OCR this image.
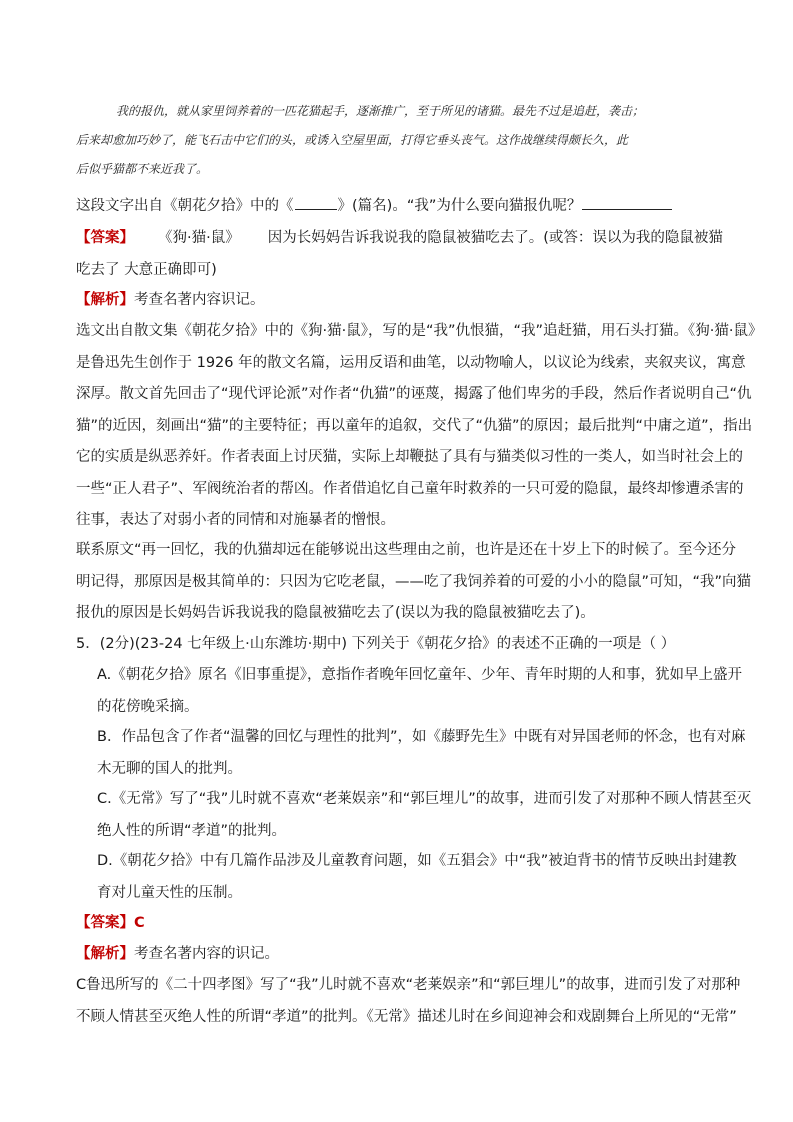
我的报仇，就从家里饲养着的一匹花猫起手，逐渐推广，至于所见的诸猫。最先不过是追赶，袭击；
后来却愈加巧妙了，能飞石击中它们的头，或诱入空屋里面，打得它垂头丧气。这作战继续得颇长久，此
后似乎猫都不来近我了。
这段文字出自《朝花夕拾》中的《	》(篇名)。“我”为什么要向猫报仇呢？
【答案】 《狗·猫·鼠》 因为长妈妈告诉我说我的隐鼠被猫吃去了。(或答：误以为我的隐鼠被猫
吃去了 大意正确即可)
【解析】考查名著内容识记。
选文出自散文集《朝花夕拾》中的《狗·猫·鼠》，写的是“我”仇恨猫，“我”追赶猫，用石头打猫。《狗·猫·鼠》
是鲁迅先生创作于 1926 年的散文名篇，运用反语和曲笔，以动物喻人，以议论为线索，夹叙夹议，寓意
深厚。散文首先回击了“现代评论派”对作者“仇猫”的诬蔑，揭露了他们卑劣的手段，然后作者说明自己“仇
猫”的近因，刻画出“猫”的主要特征；再以童年的追叙，交代了“仇猫”的原因；最后批判“中庸之道”，指出
它的实质是纵恶养奸。作者表面上讨厌猫，实际上却鞭挞了具有与猫类似习性的一类人，如当时社会上的
一些“正人君子”、军阀统治者的帮凶。作者借追忆自己童年时救养的一只可爱的隐鼠，最终却惨遭杀害的
往事，表达了对弱小者的同情和对施暴者的憎恨。
联系原文“再一回忆，我的仇猫却远在能够说出这些理由之前，也许是还在十岁上下的时候了。至今还分
明记得，那原因是极其简单的：只因为它吃老鼠，——吃了我饲养着的可爱的小小的隐鼠”可知，“我”向猫
报仇的原因是长妈妈告诉我说我的隐鼠被猫吃去了(误以为我的隐鼠被猫吃去了)。
5．(2分)(23-24 七年级上·山东潍坊·期中) 下列关于《朝花夕拾》的表述不正确的一项是（ ）
A.《朝花夕拾》原名《旧事重提》，意指作者晚年回忆童年、少年、青年时期的人和事，犹如早上盛开
的花傍晚采摘。
B．作品包含了作者“温馨的回忆与理性的批判”，如《藤野先生》中既有对异国老师的怀念，也有对麻
木无聊的国人的批判。
C.《无常》写了“我”儿时就不喜欢“老莱娱亲”和“郭巨埋儿”的故事，进而引发了对那种不顾人情甚至灭
绝人性的所谓“孝道”的批判。
D.《朝花夕拾》中有几篇作品涉及儿童教育问题，如《五猖会》中“我”被迫背书的情节反映出封建教
育对儿童天性的压制。
【答案】C
【解析】考查名著内容的识记。
C鲁迅所写的《二十四孝图》写了“我”儿时就不喜欢“老莱娱亲”和“郭巨埋儿”的故事，进而引发了对那种
不顾人情甚至灭绝人性的所谓“孝道”的批判。《无常》描述儿时在乡间迎神会和戏剧舞台上所见的“无常”
